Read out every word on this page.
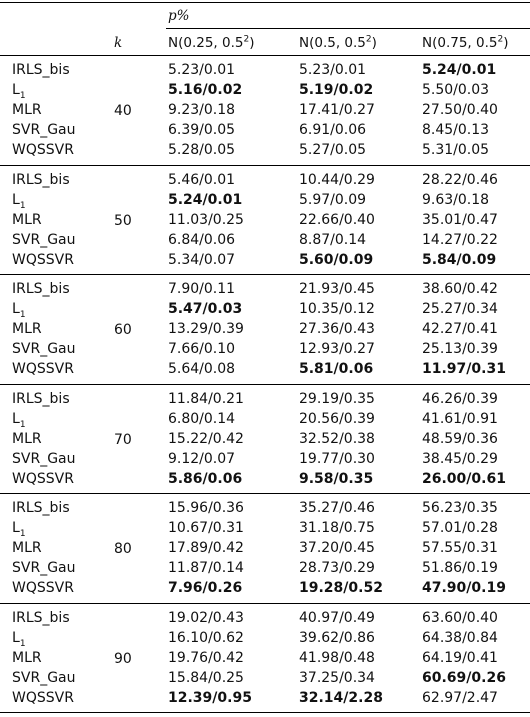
p%
k	N(0.25, $0.5^2$)	N(0.5, $0.5^2$)	N(0.75, $0.5^2$)
40
IRLS_bis	5.23/0.01	5.23/0.01	5.24/0.01
$L_1$	5.16/0.02	5.19/0.02	5.50/0.03
MLR	9.23/0.18	17.41/0.27	27.50/0.40
SVR_Gau	6.39/0.05	6.91/0.06	8.45/0.13
WQSSVR	5.28/0.05	5.27/0.05	5.31/0.05
50
IRLS_bis	5.46/0.01	10.44/0.29	28.22/0.46
$L_1$	5.24/0.01	5.97/0.09	9.63/0.18
MLR	11.03/0.25	22.66/0.40	35.01/0.47
SVR_Gau	6.84/0.06	8.87/0.14	14.27/0.22
WQSSVR	5.34/0.07	5.60/0.09	5.84/0.09
60
IRLS_bis	7.90/0.11	21.93/0.45	38.60/0.42
$L_1$	5.47/0.03	10.35/0.12	25.27/0.34
MLR	13.29/0.39	27.36/0.43	42.27/0.41
SVR_Gau	7.66/0.10	12.93/0.27	25.13/0.39
WQSSVR	5.64/0.08	5.81/0.06	11.97/0.31
70
IRLS_bis	11.84/0.21	29.19/0.35	46.26/0.39
$L_1$	6.80/0.14	20.56/0.39	41.61/0.91
MLR	15.22/0.42	32.52/0.38	48.59/0.36
SVR_Gau	9.12/0.07	19.77/0.30	38.45/0.29
WQSSVR	5.86/0.06	9.58/0.35	26.00/0.61
80
IRLS_bis	15.96/0.36	35.27/0.46	56.23/0.35
$L_1$	10.67/0.31	31.18/0.75	57.01/0.28
MLR	17.89/0.42	37.20/0.45	57.55/0.31
SVR_Gau	11.87/0.14	28.73/0.29	51.86/0.19
WQSSVR	7.96/0.26	19.28/0.52	47.90/0.19
90
IRLS_bis	19.02/0.43	40.97/0.49	63.60/0.40
$L_1$	16.10/0.62	39.62/0.86	64.38/0.84
MLR	19.76/0.42	41.98/0.48	64.19/0.41
SVR_Gau	15.84/0.25	37.25/0.34	60.69/0.26
WQSSVR	12.39/0.95	32.14/2.28	62.97/2.47
